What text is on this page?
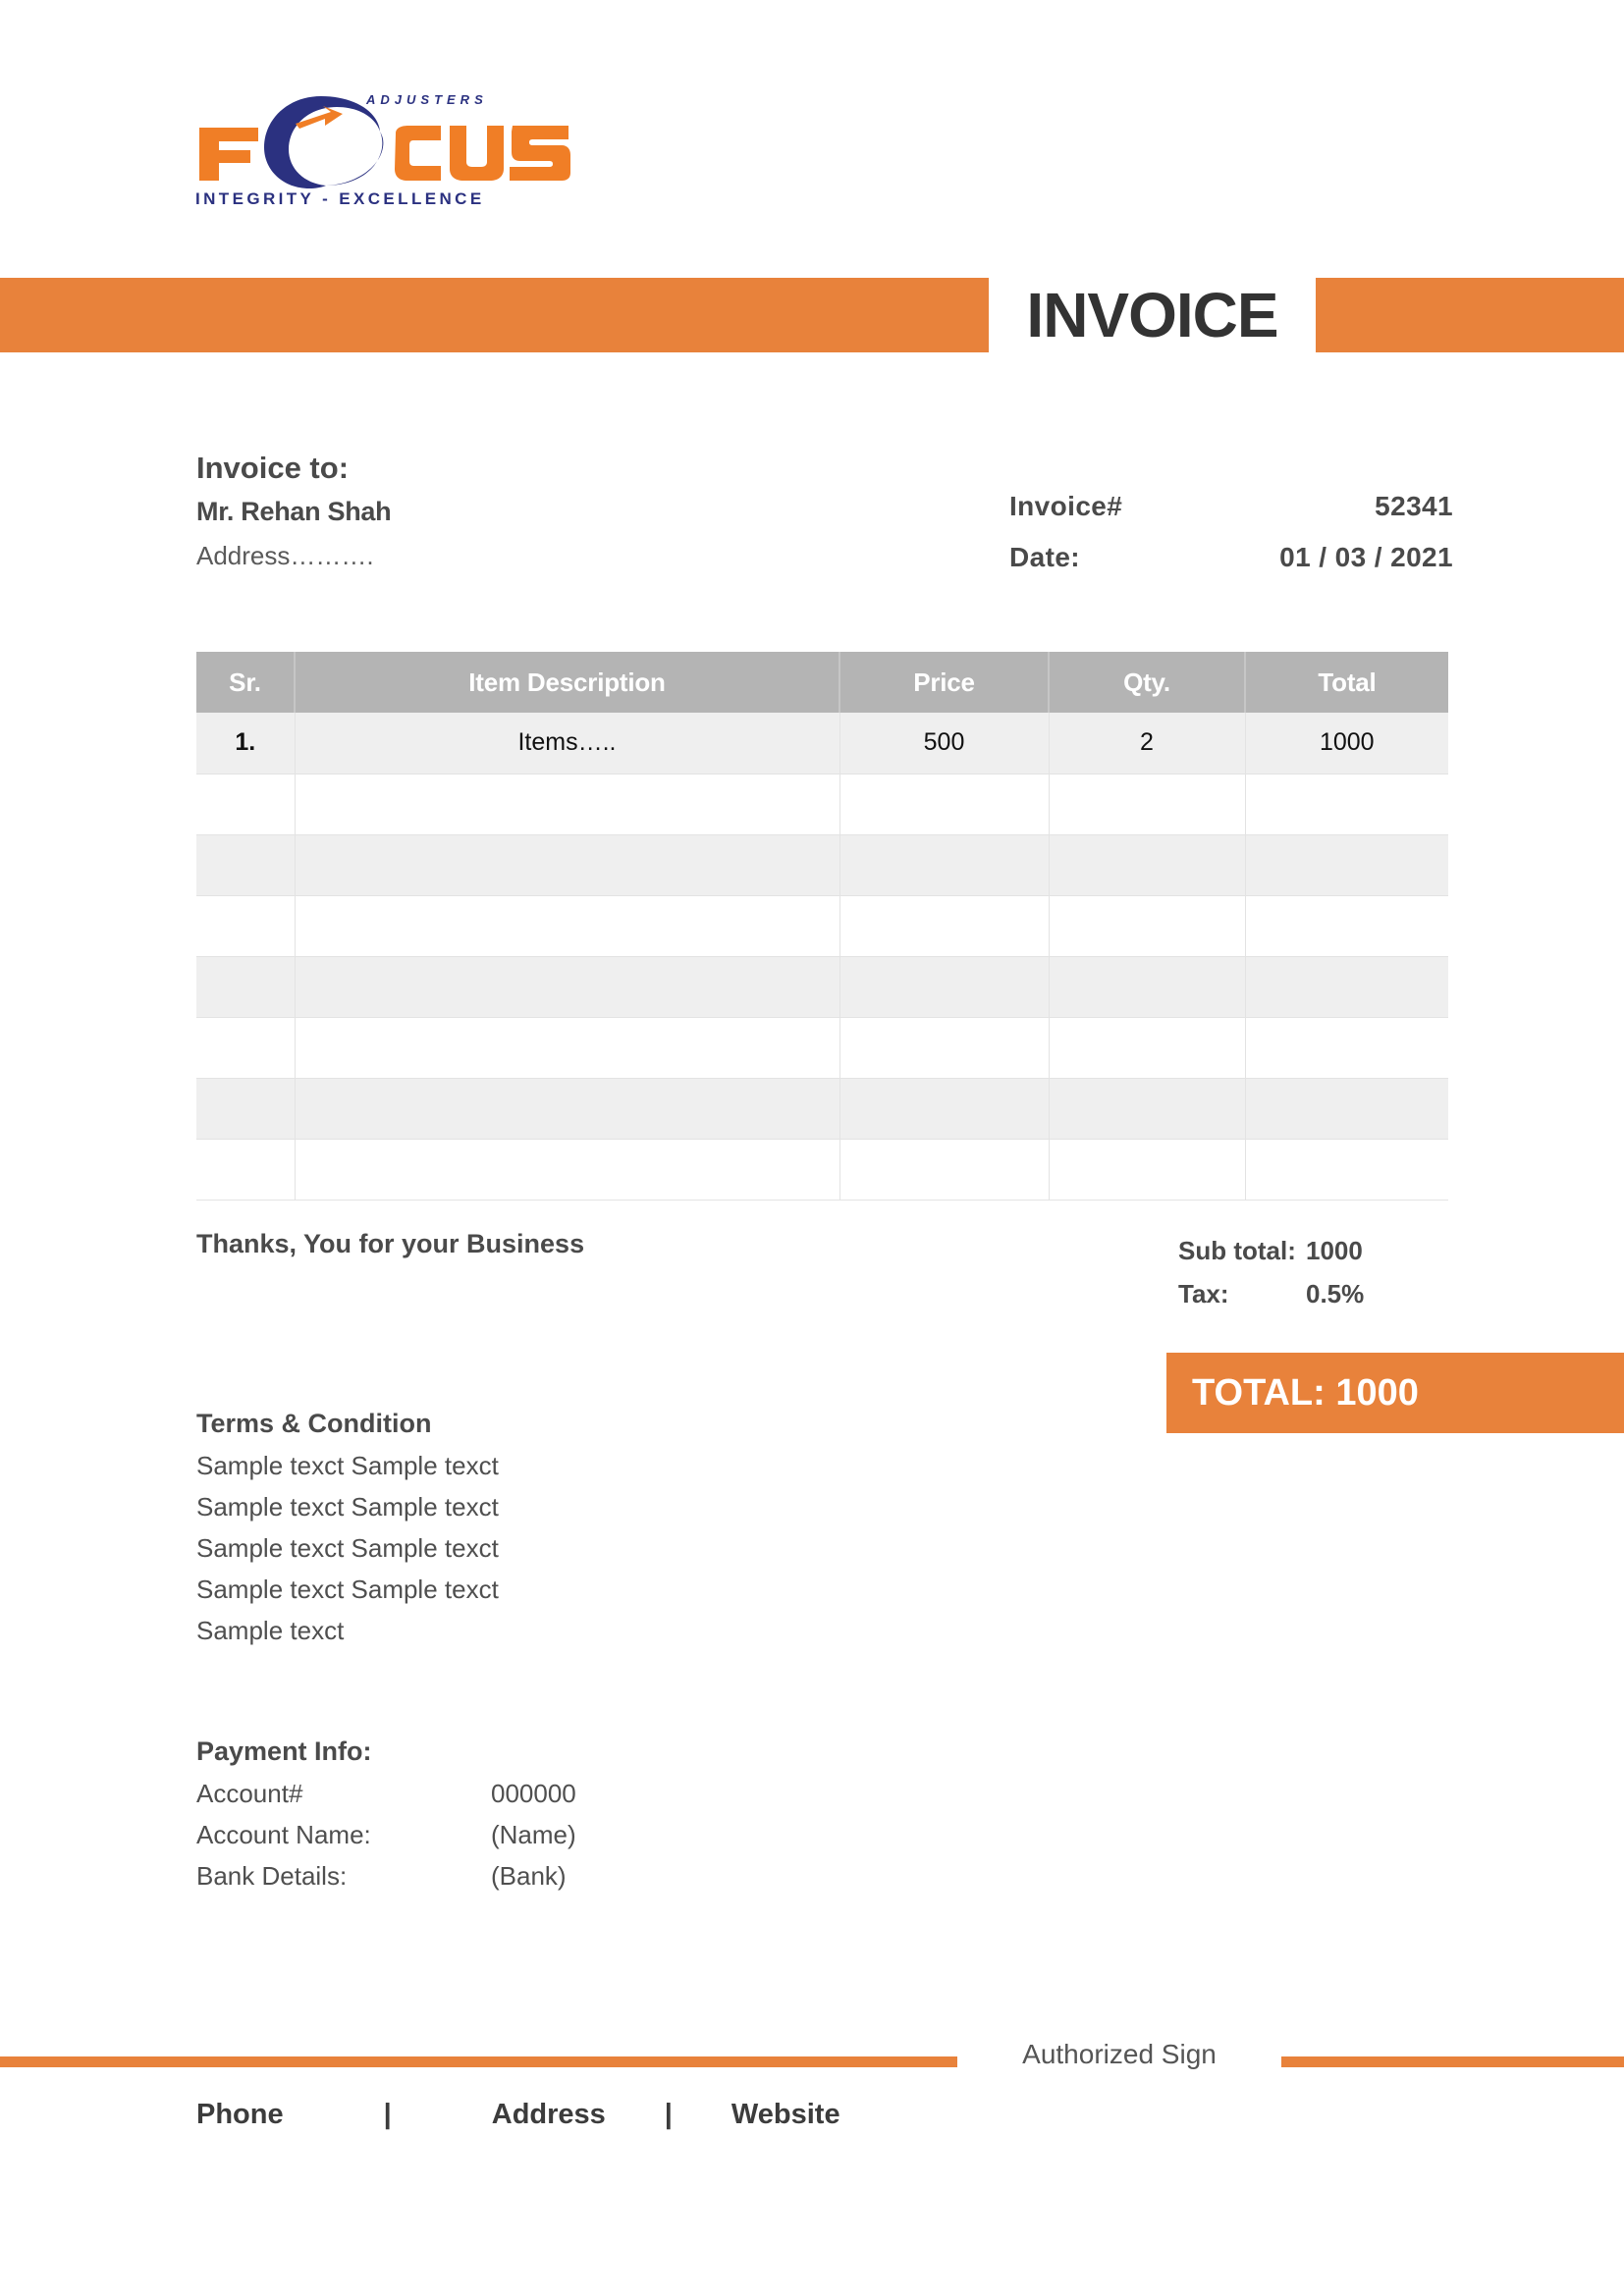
ADJUSTERS
INTEGRITY - EXCELLENCE
INVOICE
Invoice to:
Mr. Rehan Shah
Address……….
Invoice#	52341
Date:	01 / 03 / 2021
Sr.	Item Description	Price	Qty.	Total
1.	Items…..	500	2	1000

Thanks, You for your Business	Sub total: 1000
Tax:	0.5%
TOTAL: 1000
Terms & Condition
Sample texct Sample texct
Sample texct Sample texct
Sample texct Sample texct
Sample texct Sample texct
Sample texct
Payment Info:
Account#	000000
Account Name:	(Name)
Bank Details:	(Bank)
Authorized Sign
Phone	|	Address | Website
